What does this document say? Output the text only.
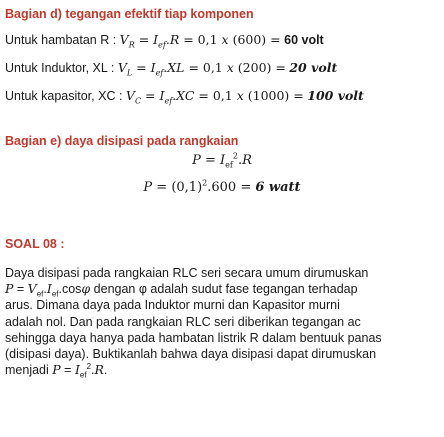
Bagian d) tegangan efektif tiap komponen
Untuk hambatan R : $V_R = I_{ef}.R = 0,1$ x (600) = 60 volt
Untuk Induktor, XL : $V_L = I_{ef}.XL = 0,1$ x (200) = 20 volt
Untuk kapasitor, XC : $V_C = I_{ef}.XC = 0,1$ x (1000) = 100 volt
Bagian e) daya disipasi pada rangkaian
$P = I_{ef}^2.R$
$P = (0,1)^2.600 = 6$ watt
SOAL 08 :
Daya disipasi pada rangkaian RLC seri secara umum dirumuskan
$P = V_{ef}.I_{ef}.\cos\varphi$ dengan φ adalah sudut fase tegangan terhadap
arus. Dimana daya pada Induktor murni dan Kapasitor murni
adalah nol. Dan pada rangkaian RLC seri diberikan tegangan ac
sehingga daya hanya pada hambatan listrik R dalam bentuuk panas
(disipasi daya). Buktikanlah bahwa daya disipasi dapat dirumuskan
menjadi $P = I_{ef}^2.R$.
